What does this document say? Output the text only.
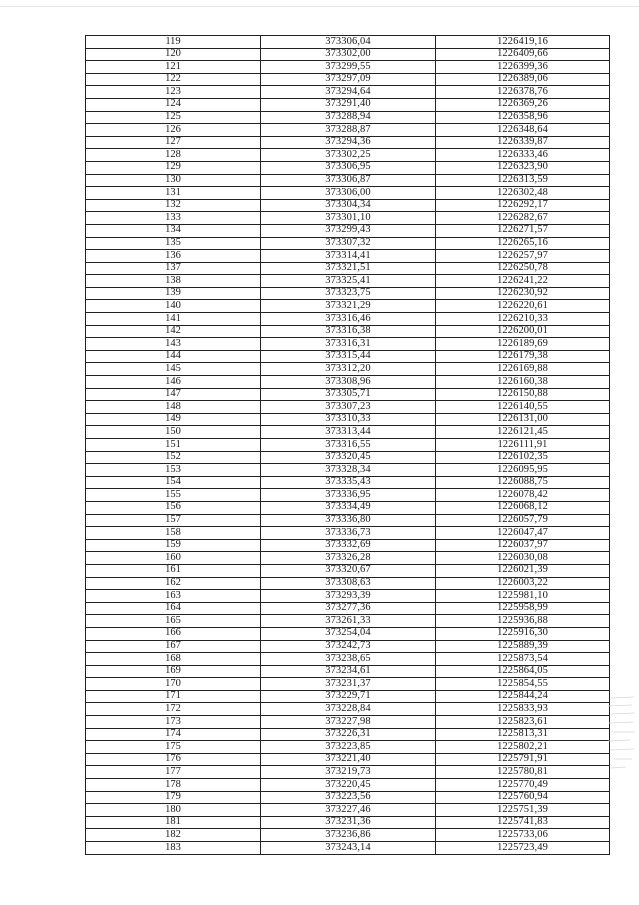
119	373306,04	1226419,16
120	373302,00	1226409,66
121	373299,55	1226399,36
122	373297,09	1226389,06
123	373294,64	1226378,76
124	373291,40	1226369,26
125	373288,94	1226358,96
126	373288,87	1226348,64
127	373294,36	1226339,87
128	373302,25	1226333,46
129	373306,95	1226323,90
130	373306,87	1226313,59
131	373306,00	1226302,48
132	373304,34	1226292,17
133	373301,10	1226282,67
134	373299,43	1226271,57
135	373307,32	1226265,16
136	373314,41	1226257,97
137	373321,51	1226250,78
138	373325,41	1226241,22
139	373323,75	1226230,92
140	373321,29	1226220,61
141	373316,46	1226210,33
142	373316,38	1226200,01
143	373316,31	1226189,69
144	373315,44	1226179,38
145	373312,20	1226169,88
146	373308,96	1226160,38
147	373305,71	1226150,88
148	373307,23	1226140,55
149	373310,33	1226131,00
150	373313,44	1226121,45
151	373316,55	1226111,91
152	373320,45	1226102,35
153	373328,34	1226095,95
154	373335,43	1226088,75
155	373336,95	1226078,42
156	373334,49	1226068,12
157	373336,80	1226057,79
158	373336,73	1226047,47
159	373332,69	1226037,97
160	373326,28	1226030,08
161	373320,67	1226021,39
162	373308,63	1226003,22
163	373293,39	1225981,10
164	373277,36	1225958,99
165	373261,33	1225936,88
166	373254,04	1225916,30
167	373242,73	1225889,39
168	373238,65	1225873,54
169	373234,61	1225864,05
170	373231,37	1225854,55
171	373229,71	1225844,24
172	373228,84	1225833,93
173	373227,98	1225823,61
174	373226,31	1225813,31
175	373223,85	1225802,21
176	373221,40	1225791,91
177	373219,73	1225780,81
178	373220,45	1225770,49
179	373223,56	1225760,94
180	373227,46	1225751,39
181	373231,36	1225741,83
182	373236,86	1225733,06
183	373243,14	1225723,49
